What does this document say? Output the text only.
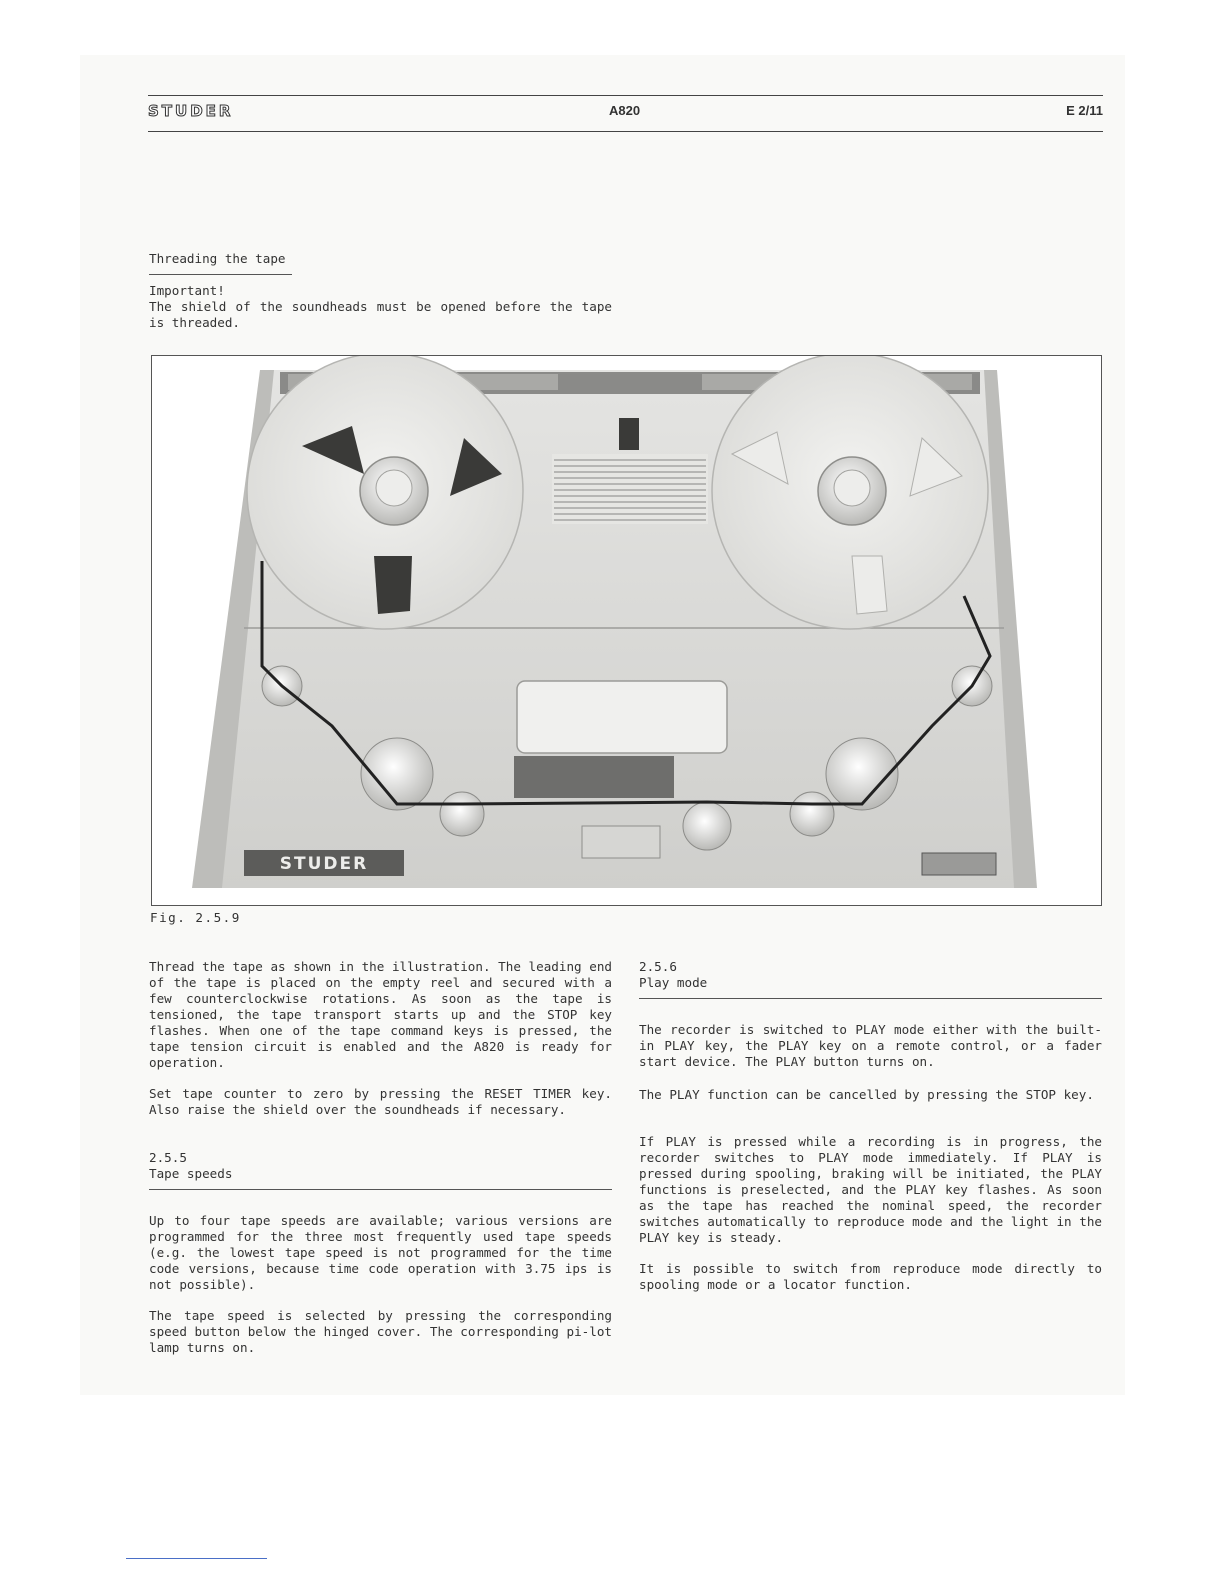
STUDER	A820	E 2/11
Threading the tape
Important!
The shield of the soundheads must be opened before the tape is threaded.
STUDER
Fig. 2.5.9
Thread the tape as shown in the illustration. The leading end of the tape is placed on the empty reel and secured with a few counterclockwise rotations. As soon as the tape is tensioned, the tape transport starts up and the STOP key flashes. When one of the tape command keys is pressed, the tape tension circuit is enabled and the A820 is ready for operation.
Set tape counter to zero by pressing the RESET TIMER key. Also raise the shield over the soundheads if necessary.
2.5.5
Tape speeds
Up to four tape speeds are available; various versions are programmed for the three most frequently used tape speeds (e.g. the lowest tape speed is not programmed for the time code versions, because time code operation with 3.75 ips is not possible).
The tape speed is selected by pressing the corresponding speed button below the hinged cover. The corresponding pi-lot lamp turns on.
2.5.6
Play mode
The recorder is switched to PLAY mode either with the built-in PLAY key, the PLAY key on a remote control, or a fader start device. The PLAY button turns on.
The PLAY function can be cancelled by pressing the STOP key.
If PLAY is pressed while a recording is in progress, the recorder switches to PLAY mode immediately. If PLAY is pressed during spooling, braking will be initiated, the PLAY functions is preselected, and the PLAY key flashes. As soon as the tape has reached the nominal speed, the recorder switches automatically to reproduce mode and the light in the PLAY key is steady.
It is possible to switch from reproduce mode directly to spooling mode or a locator function.
